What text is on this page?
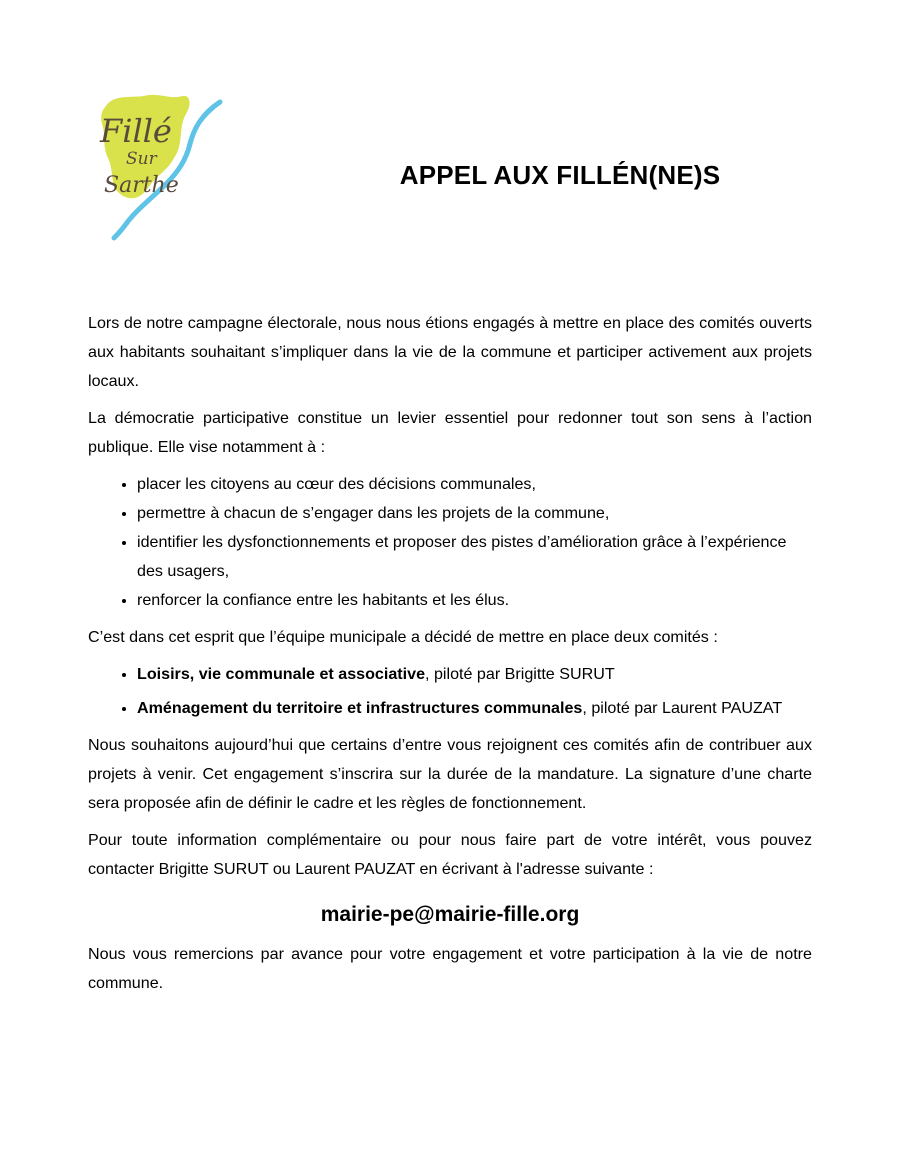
Fillé
Sur
Sarthe	APPEL AUX FILLÉN(NE)S

Lors de notre campagne électorale, nous nous étions engagés à mettre en place des comités ouverts aux habitants souhaitant s’impliquer dans la vie de la commune et participer activement aux projets locaux.

La démocratie participative constitue un levier essentiel pour redonner tout son sens à l’action publique. Elle vise notamment à :

• placer les citoyens au cœur des décisions communales,
• permettre à chacun de s’engager dans les projets de la commune,
• identifier les dysfonctionnements et proposer des pistes d’amélioration grâce à l’expérience des usagers,
• renforcer la confiance entre les habitants et les élus.

C’est dans cet esprit que l’équipe municipale a décidé de mettre en place deux comités :

• Loisirs, vie communale et associative, piloté par Brigitte SURUT
• Aménagement du territoire et infrastructures communales, piloté par Laurent PAUZAT

Nous souhaitons aujourd’hui que certains d’entre vous rejoignent ces comités afin de contribuer aux projets à venir. Cet engagement s’inscrira sur la durée de la mandature. La signature d’une charte sera proposée afin de définir le cadre et les règles de fonctionnement.

Pour toute information complémentaire ou pour nous faire part de votre intérêt, vous pouvez contacter Brigitte SURUT ou Laurent PAUZAT en écrivant à l'adresse suivante :

mairie-pe@mairie-fille.org

Nous vous remercions par avance pour votre engagement et votre participation à la vie de notre commune.
